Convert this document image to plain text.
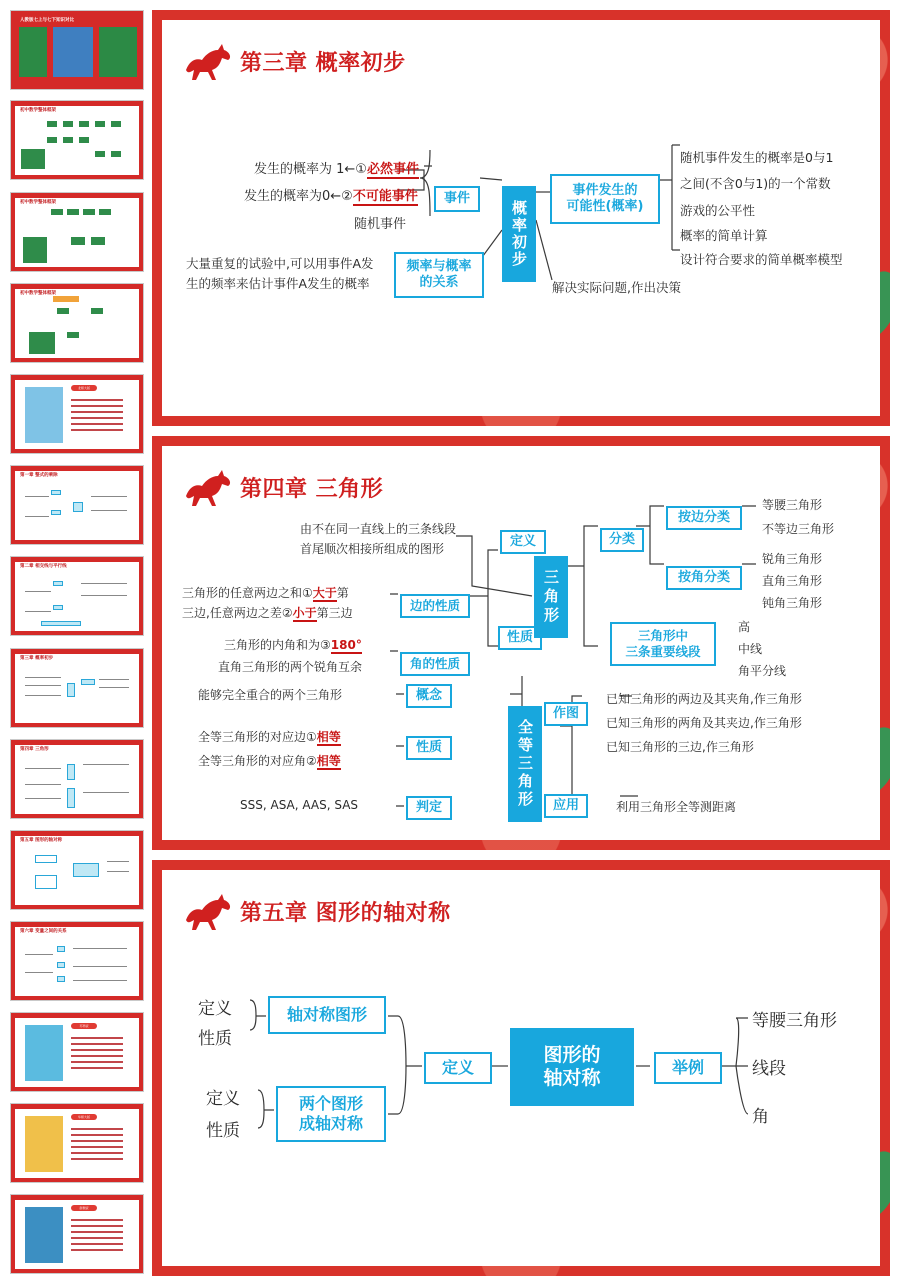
人教版七上与七下知识对比
初中数学整体框架
初中数学整体框架
初中数学整体框架
北师大版
第一章 整式的乘除
第二章 相交线与平行线
第三章 概率初步
第四章 三角形
第五章 图形的轴对称
第六章 变量之间的关系
苏科版
华师大版
浙教版
第三章 概率初步
发生的概率为 1←①必然事件
发生的概率为0←②不可能事件
随机事件
事件
大量重复的试验中,可以用事件A发
生的频率来估计事件A发生的概率
频率与概率
的关系
概率初步
事件发生的
可能性(概率)
随机事件发生的概率是0与1
之间(不含0与1)的一个常数
游戏的公平性
概率的简单计算
设计符合要求的简单概率模型
解决实际问题,作出决策
第四章 三角形
由不在同一直线上的三条线段
首尾顺次相接所组成的图形
定义
三角形的任意两边之和①大于第
三边,任意两边之差②小于第三边	边的性质
三角形的内角和为③180°
直角三角形的两个锐角互余	角的性质
性质
三角形
分类
按边分类
等腰三角形
不等边三角形
按角分类
锐角三角形
直角三角形
钝角三角形
三角形中
三条重要线段
高
中线
角平分线
能够完全重合的两个三角形	概念
全等三角形的对应边①相等
全等三角形的对应角②相等
性质
SSS, ASA, AAS, SAS	判定	全等三角形
作图
已知三角形的两边及其夹角,作三角形
已知三角形的两角及其夹边,作三角形
已知三角形的三边,作三角形
应用	利用三角形全等测距离
第五章 图形的轴对称
定义
性质
轴对称图形
定义
性质
两个图形
成轴对称
定义
图形的
轴对称	举例
等腰三角形
线段
角
